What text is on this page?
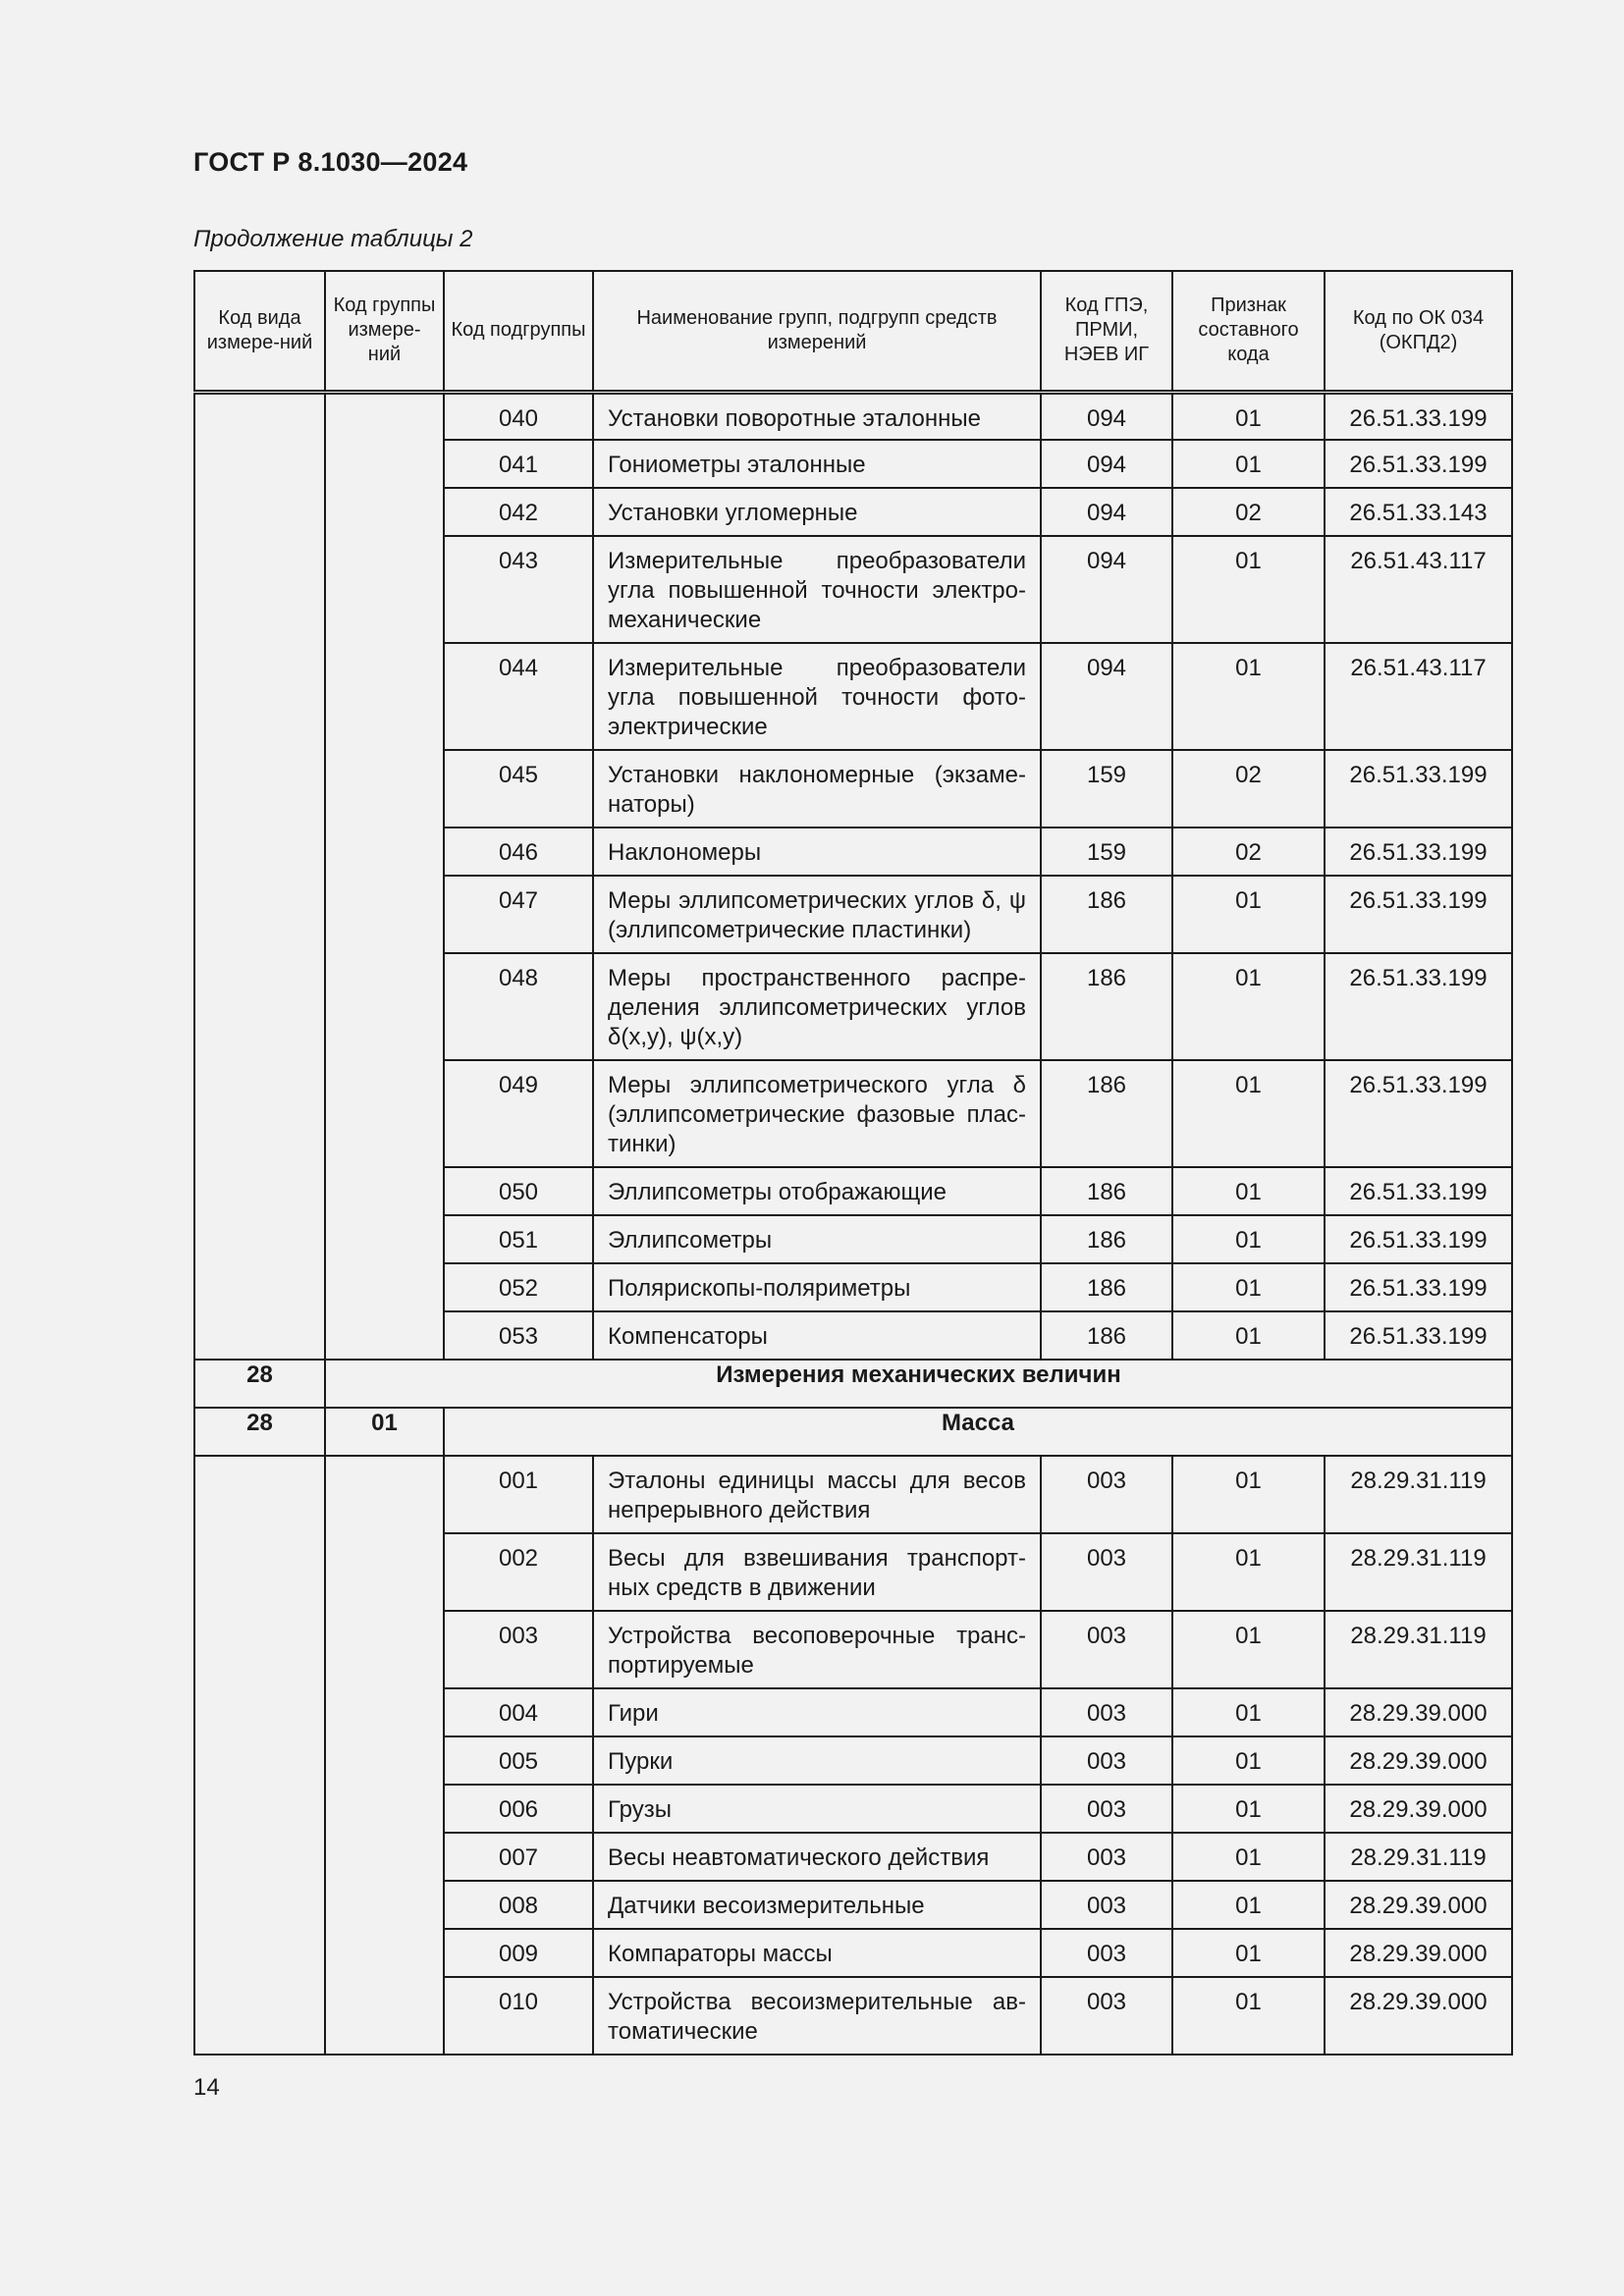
ГОСТ Р 8.1030—2024
Продолжение таблицы 2
Код вида измере-ний	Код группы измере-ний	Код подгруппы	Наименование групп, подгрупп средств измерений	Код ГПЭ, ПРМИ, НЭЕВ ИГ	Признак составного кода	Код по ОК 034 (ОКПД2)
		040	Установки поворотные эталонные	094	01	26.51.33.199
		041	Гониометры эталонные	094	01	26.51.33.199
		042	Установки угломерные	094	02	26.51.33.143
		043	Измерительные преобразователи угла повышенной точности электро-механические	094	01	26.51.43.117
		044	Измерительные преобразователи угла повышенной точности фото-электрические	094	01	26.51.43.117
		045	Установки наклономерные (экзаме-наторы)	159	02	26.51.33.199
		046	Наклономеры	159	02	26.51.33.199
		047	Меры эллипсометрических углов δ, ψ (эллипсометрические пластинки)	186	01	26.51.33.199
		048	Меры пространственного распре-деления эллипсометрических углов δ(x,y), ψ(x,y)	186	01	26.51.33.199
		049	Меры эллипсометрического угла δ (эллипсометрические фазовые плас-тинки)	186	01	26.51.33.199
		050	Эллипсометры отображающие	186	01	26.51.33.199
		051	Эллипсометры	186	01	26.51.33.199
		052	Полярископы-поляриметры	186	01	26.51.33.199
		053	Компенсаторы	186	01	26.51.33.199
28	Измерения механических величин					
28	01	Масса				
		001	Эталоны единицы массы для весов непрерывного действия	003	01	28.29.31.119
		002	Весы для взвешивания транспорт-ных средств в движении	003	01	28.29.31.119
		003	Устройства весоповерочные транс-портируемые	003	01	28.29.31.119
		004	Гири	003	01	28.29.39.000
		005	Пурки	003	01	28.29.39.000
		006	Грузы	003	01	28.29.39.000
		007	Весы неавтоматического действия	003	01	28.29.31.119
		008	Датчики весоизмерительные	003	01	28.29.39.000
		009	Компараторы массы	003	01	28.29.39.000
		010	Устройства весоизмерительные ав-томатические	003	01	28.29.39.000
14
